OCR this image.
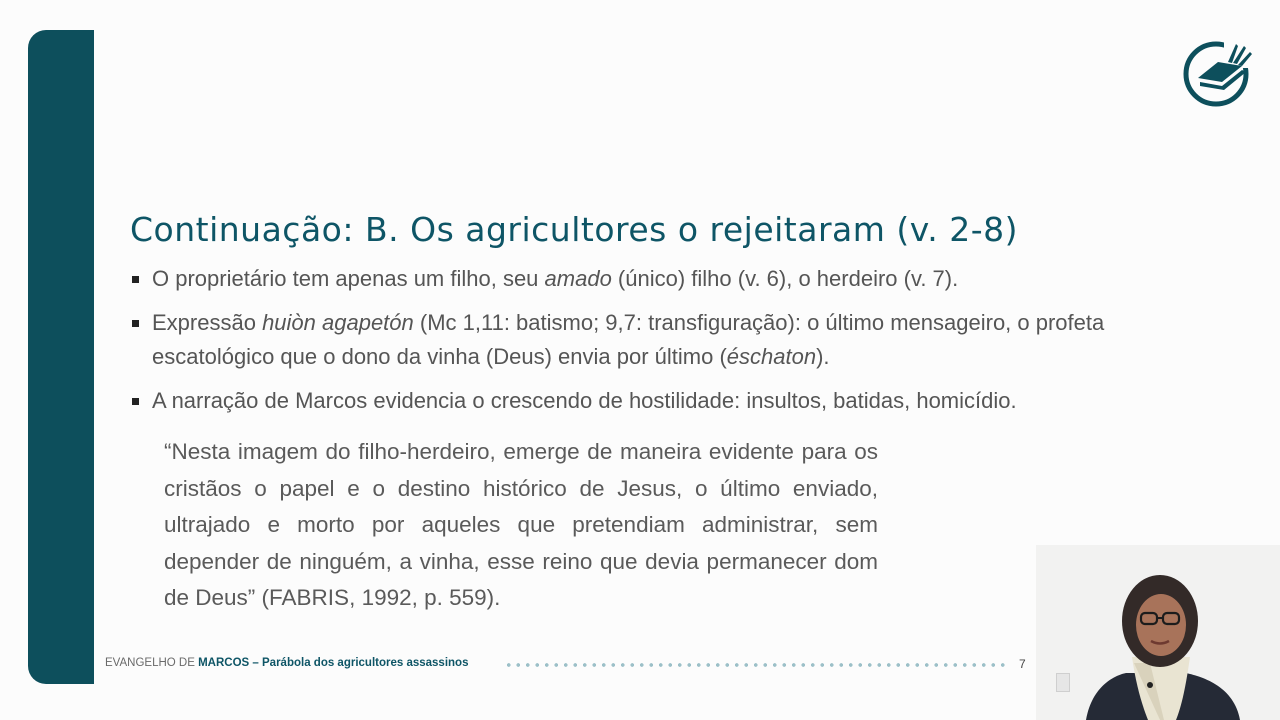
Continuação: B. Os agricultores o rejeitaram (v. 2-8)
O proprietário tem apenas um filho, seu amado (único) filho (v. 6), o herdeiro (v. 7).
Expressão huiòn agapetón (Mc 1,11: batismo; 9,7: transfiguração): o último mensageiro, o profeta escatológico que o dono da vinha (Deus) envia por último (éschaton).
A narração de Marcos evidencia o crescendo de hostilidade: insultos, batidas, homicídio.
“Nesta imagem do filho-herdeiro, emerge de maneira evidente para os cristãos o papel e o destino histórico de Jesus, o último enviado, ultrajado e morto por aqueles que pretendiam administrar, sem depender de ninguém, a vinha, esse reino que devia permanecer dom de Deus” (FABRIS, 1992, p. 559).
EVANGELHO DE MARCOS – Parábola dos agricultores assassinos	7
